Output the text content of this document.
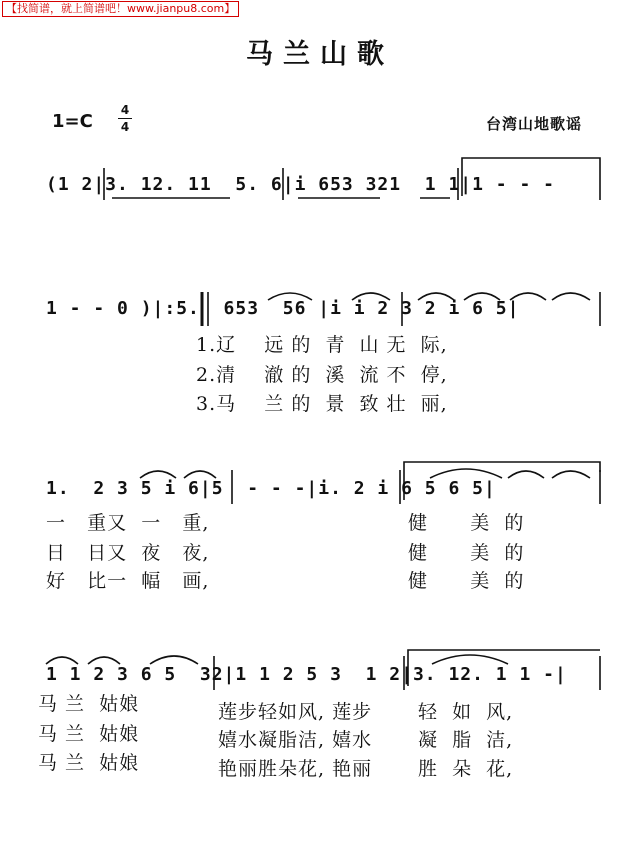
【找简谱，就上简谱吧！www.jianpu8.com】
马兰山歌
1=C
4
4	台湾山地歌谣
(1 2|3. 12. 11  5. 6|i 653 321  1 1|1 - - -
1 - - 0 )|:5.  653  56 |i i 2 3 2 i 6 5|
1.辽    远 的  青  山 无  际,
2.清    澈 的  溪  流 不  停,
3.马    兰 的  景  致 壮  丽,
1.  2 3 5 i 6|5  - - -|i. 2 i 6 5 6 5|
一   重又  一   重,
日   日又  夜   夜,
好   比一  幅   画,
健      美  的
健      美  的
健      美  的
1 1 2 3 6 5  32|1 1 2 5 3  1 2|3. 12. 1 1 -|
马 兰  姑娘
马 兰  姑娘
马 兰  姑娘
莲步轻如风, 莲步
嬉水凝脂洁, 嬉水
艳丽胜朵花, 艳丽
轻  如  风,
凝  脂  洁,
胜  朵  花,
